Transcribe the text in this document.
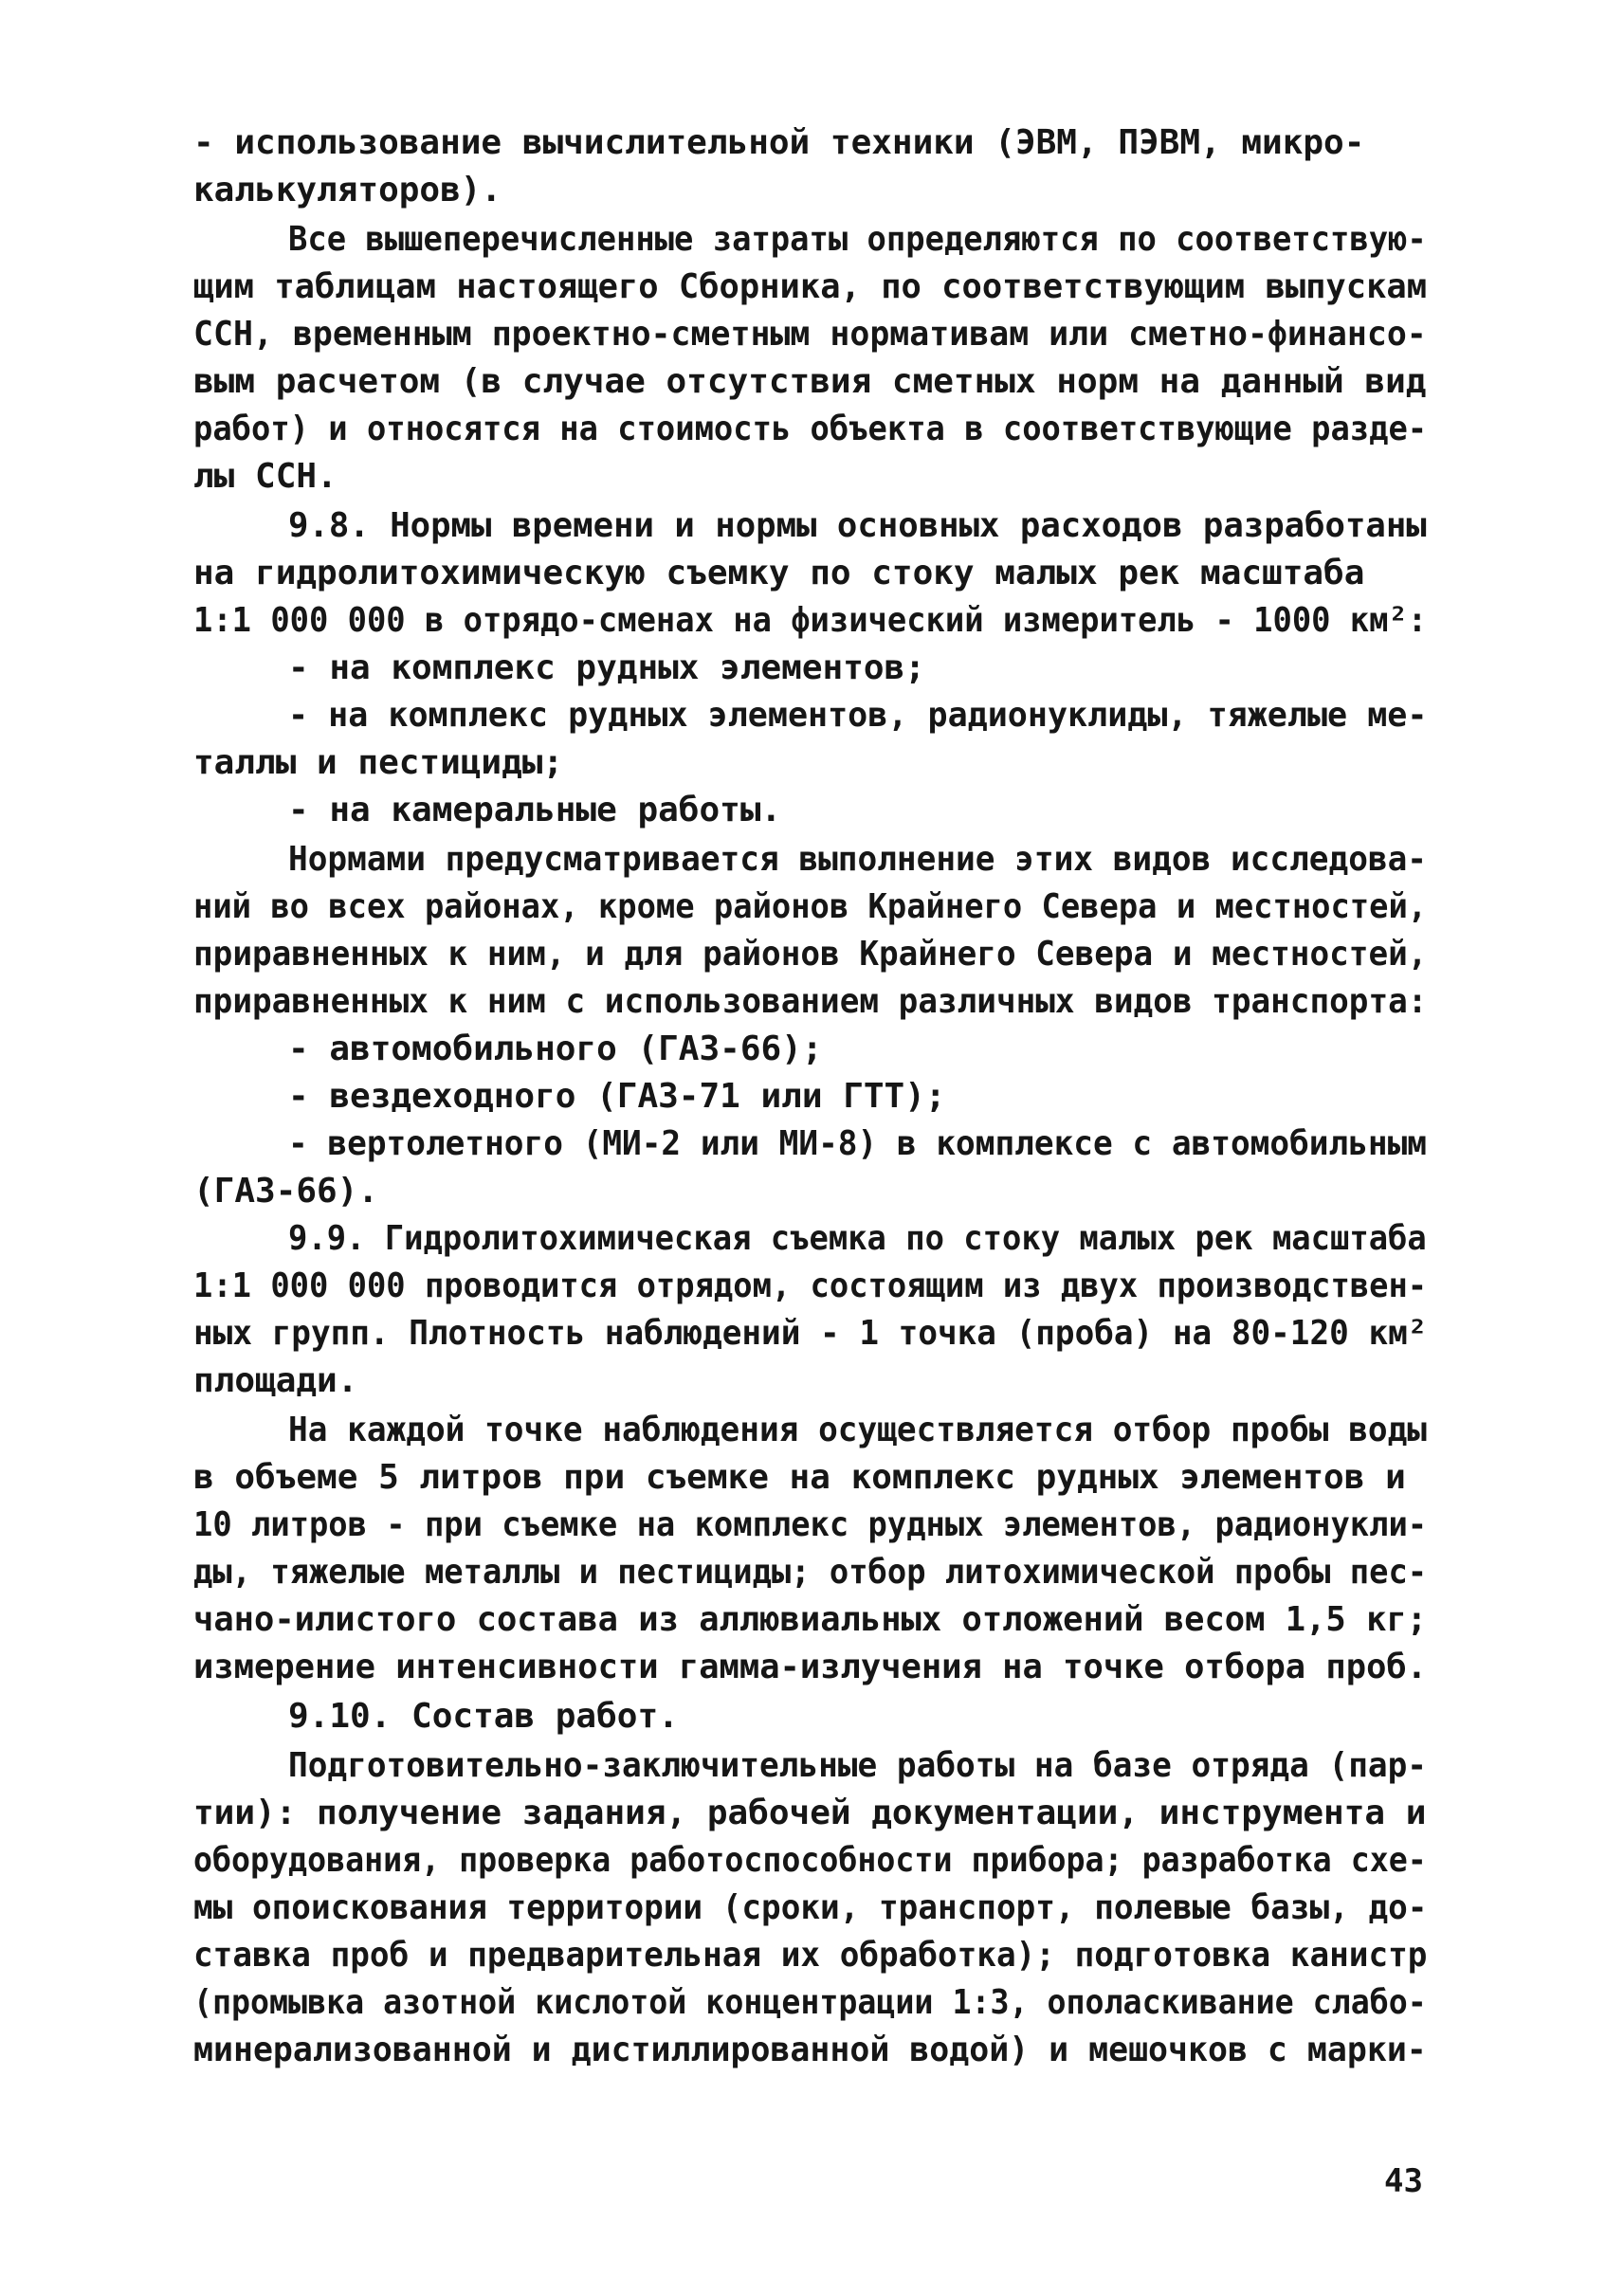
- использование вычислительной техники (ЭВМ, ПЭВМ, микро-
калькуляторов).
Все вышеперечисленные затраты определяются по соответствую-
щим таблицам настоящего Сборника, по соответствующим выпускам
ССН, временным проектно-сметным нормативам или сметно-финансо-
вым расчетом (в случае отсутствия сметных норм на данный вид
работ) и относятся на стоимость объекта в соответствующие разде-
лы ССН.
9.8. Нормы времени и нормы основных расходов разработаны
на гидролитохимическую съемку по стоку малых рек масштаба
1:1 000 000 в отрядо-сменах на физический измеритель - 1000 км²:
- на комплекс рудных элементов;
- на комплекс рудных элементов, радионуклиды, тяжелые ме-
таллы и пестициды;
- на камеральные работы.
Нормами предусматривается выполнение этих видов исследова-
ний во всех районах, кроме районов Крайнего Севера и местностей,
приравненных к ним, и для районов Крайнего Севера и местностей,
приравненных к ним с использованием различных видов транспорта:
- автомобильного (ГАЗ-66);
- вездеходного (ГАЗ-71 или ГТТ);
- вертолетного (МИ-2 или МИ-8) в комплексе с автомобильным
(ГАЗ-66).
9.9. Гидролитохимическая съемка по стоку малых рек масштаба
1:1 000 000 проводится отрядом, состоящим из двух производствен-
ных групп. Плотность наблюдений - 1 точка (проба) на 80-120 км²
площади.
На каждой точке наблюдения осуществляется отбор пробы воды
в объеме 5 литров при съемке на комплекс рудных элементов и
10 литров - при съемке на комплекс рудных элементов, радионукли-
ды, тяжелые металлы и пестициды; отбор литохимической пробы пес-
чано-илистого состава из аллювиальных отложений весом 1,5 кг;
измерение интенсивности гамма-излучения на точке отбора проб.
9.10. Состав работ.
Подготовительно-заключительные работы на базе отряда (пар-
тии): получение задания, рабочей документации, инструмента и
оборудования, проверка работоспособности прибора; разработка схе-
мы опоискования территории (сроки, транспорт, полевые базы, до-
ставка проб и предварительная их обработка); подготовка канистр
(промывка азотной кислотой концентрации 1:3, ополаскивание слабо-
минерализованной и дистиллированной водой) и мешочков с марки-
43
